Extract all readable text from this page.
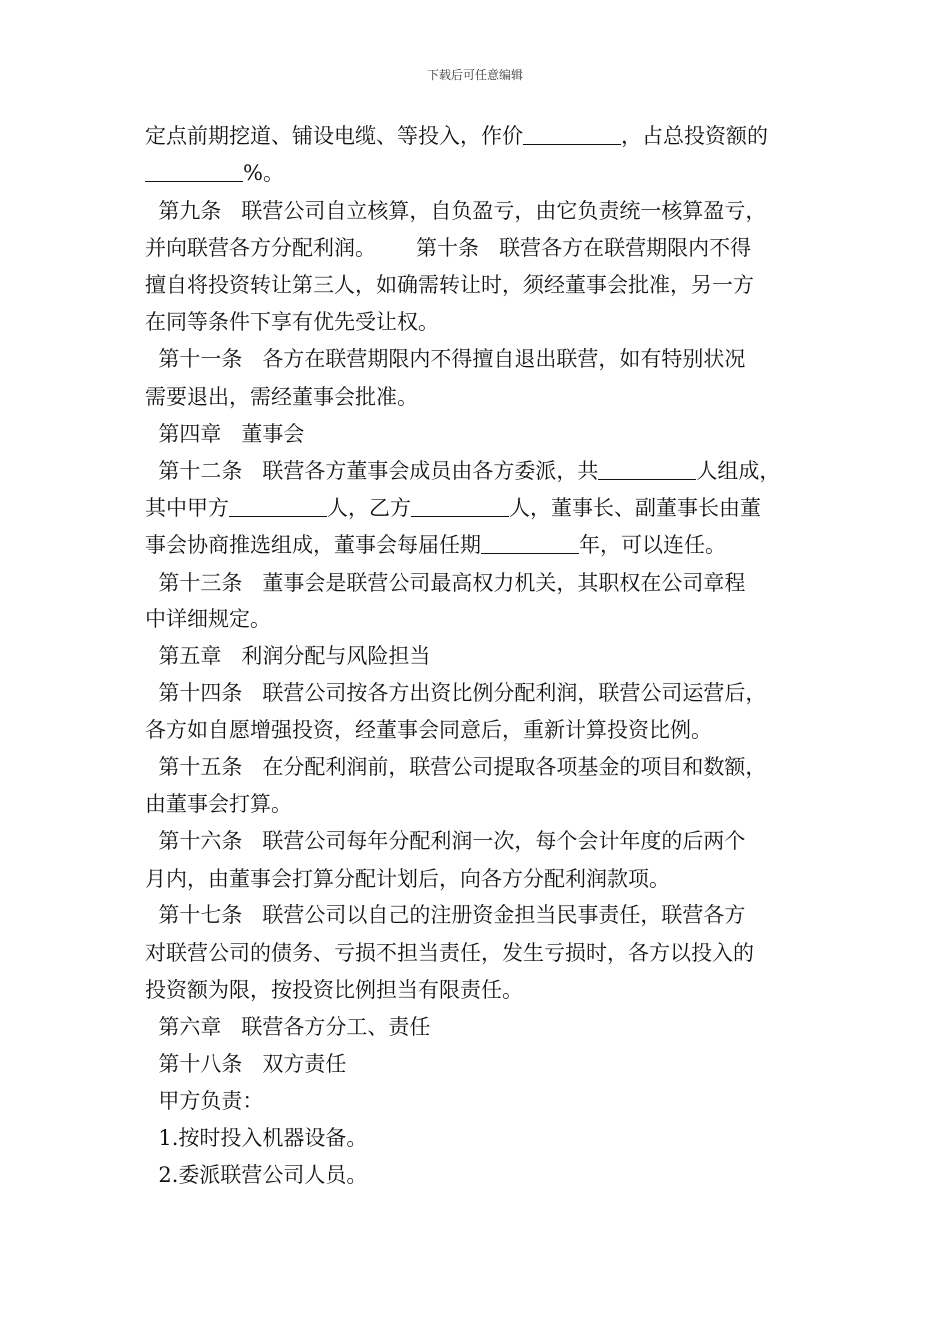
下载后可任意编辑
定点前期挖道、铺设电缆、等投入，作价	，占总投资额的
%。
第九条   联营公司自立核算，自负盈亏，由它负责统一核算盈亏，
并向联营各方分配利润。      第十条   联营各方在联营期限内不得
擅自将投资转让第三人，如确需转让时，须经董事会批准，另一方
在同等条件下享有优先受让权。
第十一条   各方在联营期限内不得擅自退出联营，如有特别状况
需要退出，需经董事会批准。
第四章   董事会
第十二条   联营各方董事会成员由各方委派，共	人组成，
其中甲方	人，乙方	人，董事长、副董事长由董
事会协商推选组成，董事会每届任期	年，可以连任。
第十三条   董事会是联营公司最高权力机关，其职权在公司章程
中详细规定。
第五章   利润分配与风险担当
第十四条   联营公司按各方出资比例分配利润，联营公司运营后，
各方如自愿增强投资，经董事会同意后，重新计算投资比例。
第十五条   在分配利润前，联营公司提取各项基金的项目和数额，
由董事会打算。
第十六条   联营公司每年分配利润一次，每个会计年度的后两个
月内，由董事会打算分配计划后，向各方分配利润款项。
第十七条   联营公司以自己的注册资金担当民事责任，联营各方
对联营公司的债务、亏损不担当责任，发生亏损时，各方以投入的
投资额为限，按投资比例担当有限责任。
第六章   联营各方分工、责任
第十八条   双方责任
甲方负责：
1.按时投入机器设备。
2.委派联营公司人员。
